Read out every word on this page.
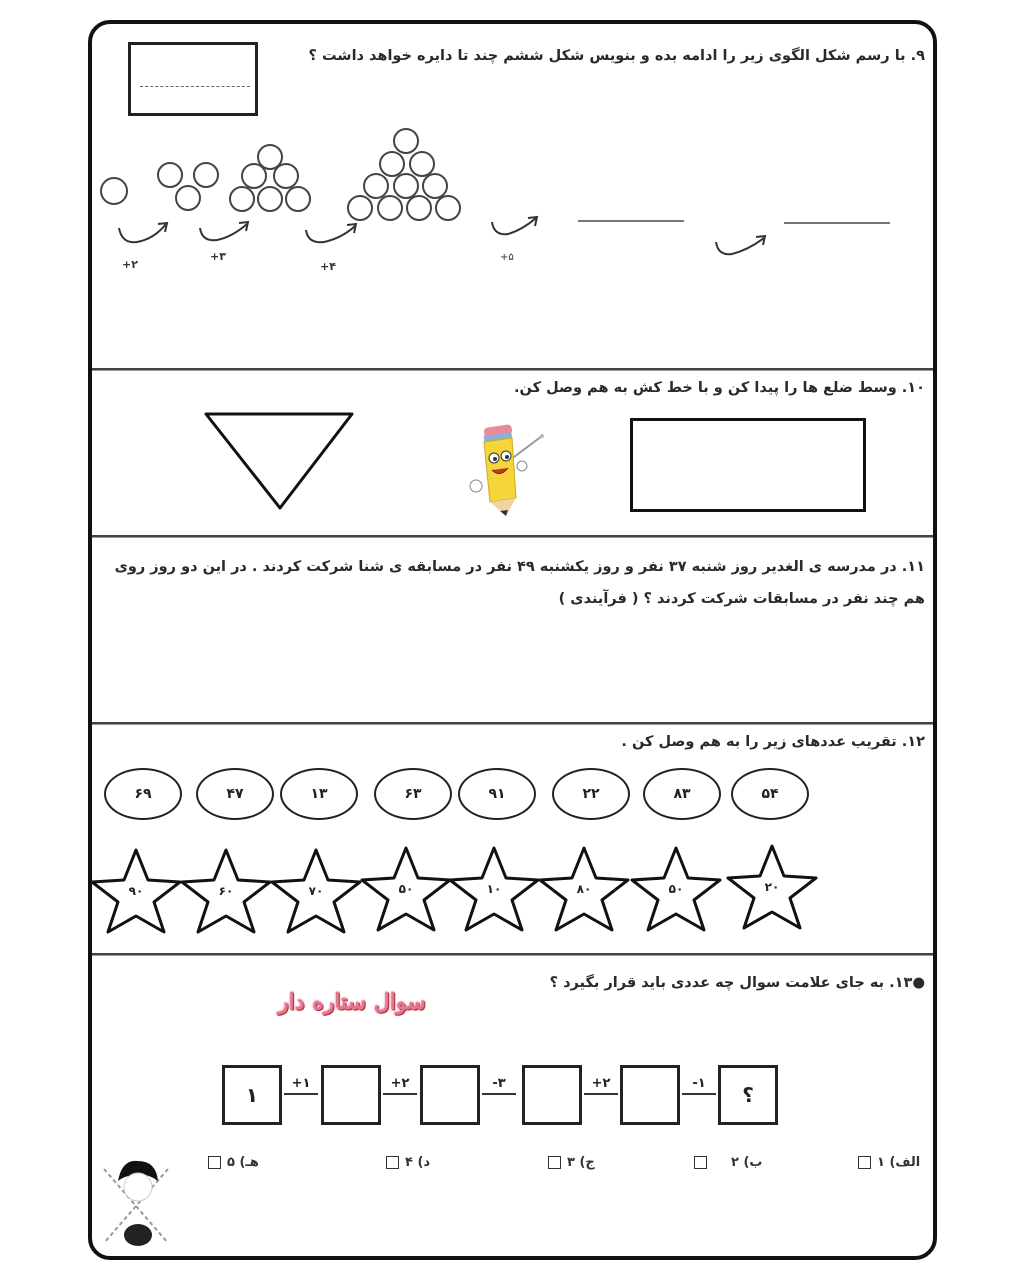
۹. با رسم شکل الگوی زیر را ادامه بده و بنویس شکل ششم چند تا دایره خواهد داشت ؟
+۲
+۳
+۴
+۵
۱۰. وسط ضلع ها را پیدا کن و با خط کش به هم وصل کن.
۱۱. در مدرسه ی الغدیر روز شنبه ۳۷ نفر و روز یکشنبه ۴۹ نفر در مسابقه ی شنا شرکت کردند . در این دو روز روی هم چند نفر در مسابقات شرکت کردند ؟ ( فرآیندی )
۱۲. تقریب عددهای زیر را به هم وصل کن .
۶۹	۴۷	۱۳	۶۳	۹۱	۲۲	۸۳	۵۴
۹۰	۶۰	۷۰	۵۰	۱۰	۸۰	۵۰	۲۰
●۱۳. به جای علامت سوال چه عددی باید قرار بگیرد ؟
سوال ستاره دار
۱	+۱	+۲	-۳	+۲	-۱	؟
الف) ۱
ب) ۲
ج) ۳
د) ۴
هـ) ۵
